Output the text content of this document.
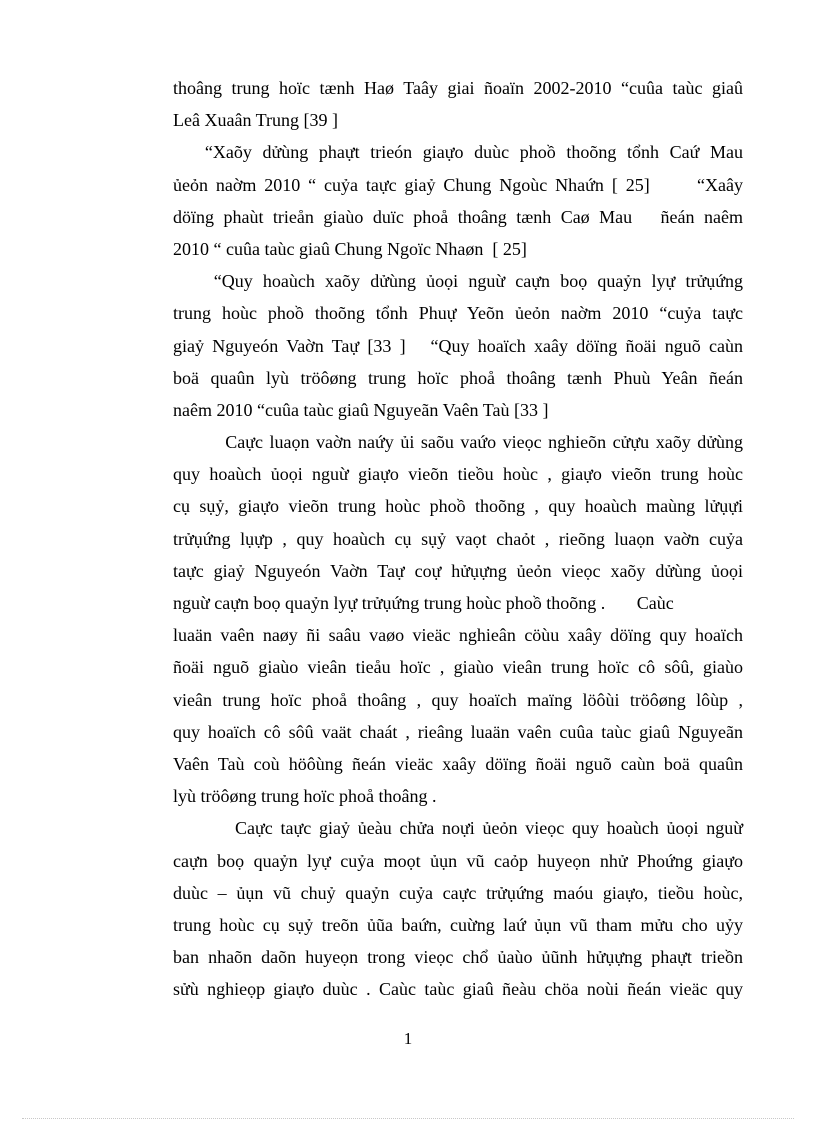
thoâng trung hoïc tænh Haø Taây giai ñoaïn 2002-2010 “cuûa taùc giaû
Leâ Xuaân Trung [39 ]
“Xaõy dửùng phaựt trieón giaựo duùc phoồ thoõng tổnh Caứ Mau
ủeỏn naờm 2010 “ cuỷa taực giaỷ Chung Ngoùc Nhaứn [ 25]      “Xaây
döïng phaùt trieån giaùo duïc phoå thoâng tænh Caø Mau   ñeán naêm
2010 “ cuûa taùc giaû Chung Ngoïc Nhaøn  [ 25]
“Quy hoaùch xaõy dửùng ủoọi nguừ caựn boọ quaỷn lyự trửụứng
trung hoùc phoồ thoõng tổnh Phuự Yeõn ủeỏn naờm 2010 “cuỷa taực
giaỷ Nguyeón Vaờn Taự [33 ]   “Quy hoaïch xaây döïng ñoäi nguõ caùn
boä quaûn lyù tröôøng trung hoïc phoå thoâng tænh Phuù Yeân ñeán
naêm 2010 “cuûa taùc giaû Nguyeãn Vaên Taù [33 ]
Caực luaọn vaờn naứy ủi saõu vaứo vieọc nghieõn cửựu xaõy dửùng
quy hoaùch ủoọi nguừ giaựo vieõn tieồu hoùc , giaựo vieõn trung hoùc
cụ sụỷ, giaựo vieõn trung hoùc phoồ thoõng , quy hoaùch maùng lửụựi
trửụứng lụựp , quy hoaùch cụ sụỷ vaọt chaỏt , rieõng luaọn vaờn cuỷa
taực giaỷ Nguyeón Vaờn Taự coự hửụựng ủeỏn vieọc xaõy dửùng ủoọi
nguừ caựn boọ quaỷn lyự trửụứng trung hoùc phoồ thoõng .       Caùc
luaän vaên naøy ñi saâu vaøo vieäc nghieân cöùu xaây döïng quy hoaïch
ñoäi nguõ giaùo vieân tieåu hoïc , giaùo vieân trung hoïc cô sôû, giaùo
vieân trung hoïc phoå thoâng , quy hoaïch maïng löôùi tröôøng lôùp ,
quy hoaïch cô sôû vaät chaát , rieâng luaän vaên cuûa taùc giaû Nguyeãn
Vaên Taù coù höôùng ñeán vieäc xaây döïng ñoäi nguõ caùn boä quaûn
lyù tröôøng trung hoïc phoå thoâng .
Caực taực giaỷ ủeàu chửa noựi ủeỏn vieọc quy hoaùch ủoọi nguừ
caựn boọ quaỷn lyự cuỷa moọt ủụn vũ caỏp huyeọn nhử Phoứng giaựo
duùc – ủụn vũ chuỷ quaỷn cuỷa caực trửụứng maóu giaựo, tieồu hoùc,
trung hoùc cụ sụỷ treõn ủũa baứn, cuừng laứ ủụn vũ tham mửu cho uỷy
ban nhaõn daõn huyeọn trong vieọc chổ ủaùo ủũnh hửụựng phaựt trieồn
sửù nghieọp giaựo duùc . Caùc taùc giaû ñeàu chöa noùi ñeán vieäc quy
1
